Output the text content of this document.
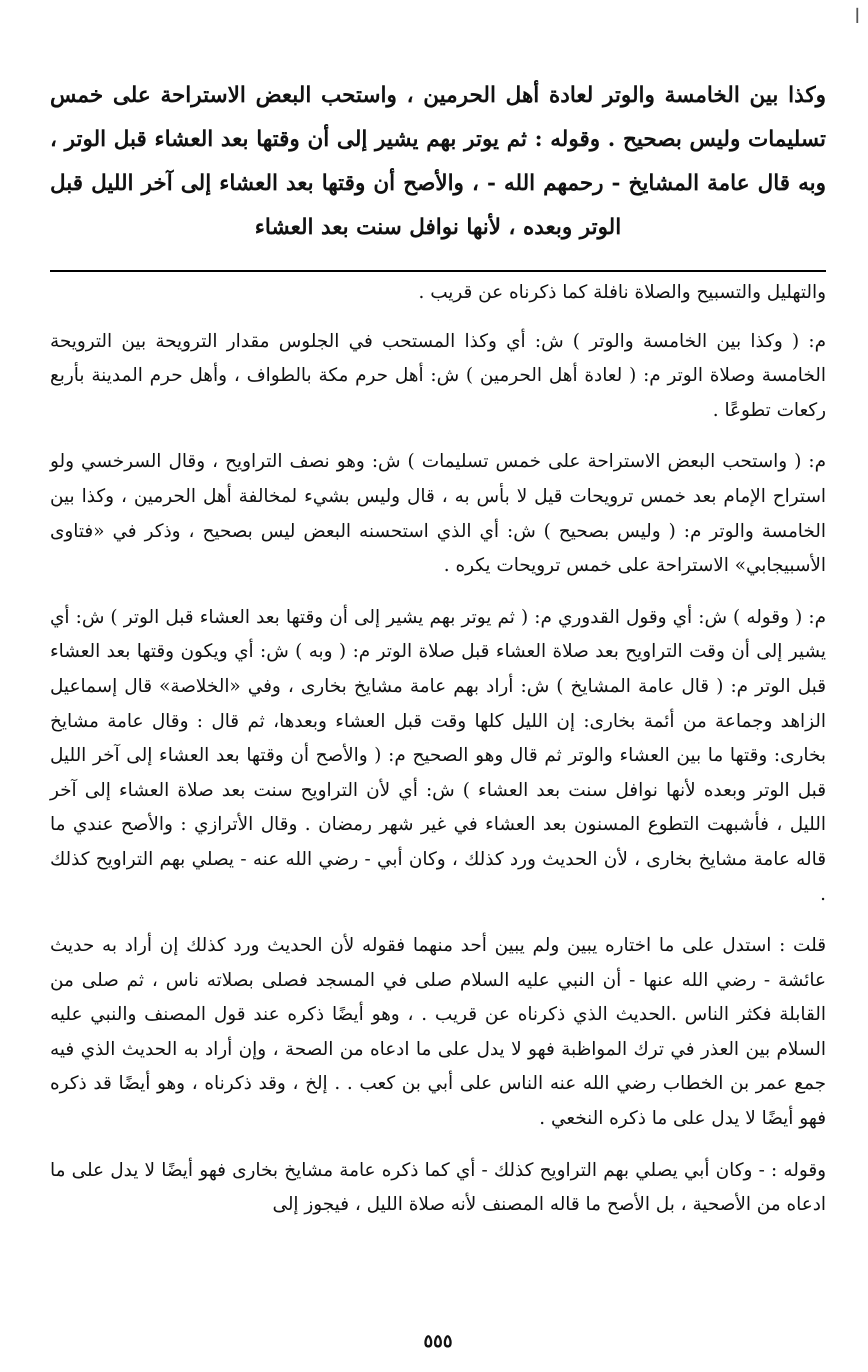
ا

وكذا بين الخامسة والوتر لعادة أهل الحرمين ، واستحب البعض الاستراحة على خمس تسليمات وليس بصحيح . وقوله : ثم يوتر بهم يشير إلى أن وقتها بعد العشاء قبل الوتر ، وبه قال عامة المشايخ - رحمهم الله - ، والأصح أن وقتها بعد العشاء إلى آخر الليل قبل الوتر وبعده ، لأنها نوافل سنت بعد العشاء

والتهليل والتسبيح والصلاة نافلة كما ذكرناه عن قريب .

م: ( وكذا بين الخامسة والوتر ) ش: أي وكذا المستحب في الجلوس مقدار الترويحة بين الترويحة الخامسة وصلاة الوتر م: ( لعادة أهل الحرمين ) ش: أهل حرم مكة بالطواف ، وأهل حرم المدينة بأربع ركعات تطوعًا .

م: ( واستحب البعض الاستراحة على خمس تسليمات ) ش: وهو نصف التراويح ، وقال السرخسي ولو استراح الإمام بعد خمس ترويحات قيل لا بأس به ، قال وليس بشيء لمخالفة أهل الحرمين ، وكذا بين الخامسة والوتر م: ( وليس بصحيح ) ش: أي الذي استحسنه البعض ليس بصحيح ، وذكر في «فتاوى الأسبيجابي» الاستراحة على خمس ترويحات يكره .

م: ( وقوله ) ش: أي وقول القدوري م: ( ثم يوتر بهم يشير إلى أن وقتها بعد العشاء قبل الوتر ) ش: أي يشير إلى أن وقت التراويح بعد صلاة العشاء قبل صلاة الوتر م: ( وبه ) ش: أي ويكون وقتها بعد العشاء قبل الوتر م: ( قال عامة المشايخ ) ش: أراد بهم عامة مشايخ بخارى ، وفي «الخلاصة» قال إسماعيل الزاهد وجماعة من أئمة بخارى: إن الليل كلها وقت قبل العشاء وبعدها، ثم قال : وقال عامة مشايخ بخارى: وقتها ما بين العشاء والوتر ثم قال وهو الصحيح م: ( والأصح أن وقتها بعد العشاء إلى آخر الليل قبل الوتر وبعده لأنها نوافل سنت بعد العشاء ) ش: أي لأن التراويح سنت بعد صلاة العشاء إلى آخر الليل ، فأشبهت التطوع المسنون بعد العشاء في غير شهر رمضان . وقال الأترازي : والأصح عندي ما قاله عامة مشايخ بخارى ، لأن الحديث ورد كذلك ، وكان أبي - رضي الله عنه - يصلي بهم التراويح كذلك .

قلت : استدل على ما اختاره يبين ولم يبين أحد منهما فقوله لأن الحديث ورد كذلك إن أراد به حديث عائشة - رضي الله عنها - أن النبي عليه السلام صلى في المسجد فصلى بصلاته ناس ، ثم صلى من القابلة فكثر الناس .الحديث الذي ذكرناه عن قريب . ، وهو أيضًا ذكره عند قول المصنف والنبي عليه السلام بين العذر في ترك المواظبة فهو لا يدل على ما ادعاه من الصحة ، وإن أراد به الحديث الذي فيه جمع عمر بن الخطاب رضي الله عنه الناس على أبي بن كعب . . إلخ ، وقد ذكرناه ، وهو أيضًا قد ذكره فهو أيضًا لا يدل على ما ذكره النخعي .

وقوله : - وكان أبي يصلي بهم التراويح كذلك - أي كما ذكره عامة مشايخ بخارى فهو أيضًا لا يدل على ما ادعاه من الأصحية ، بل الأصح ما قاله المصنف لأنه صلاة الليل ، فيجوز إلى

٥٥٥
